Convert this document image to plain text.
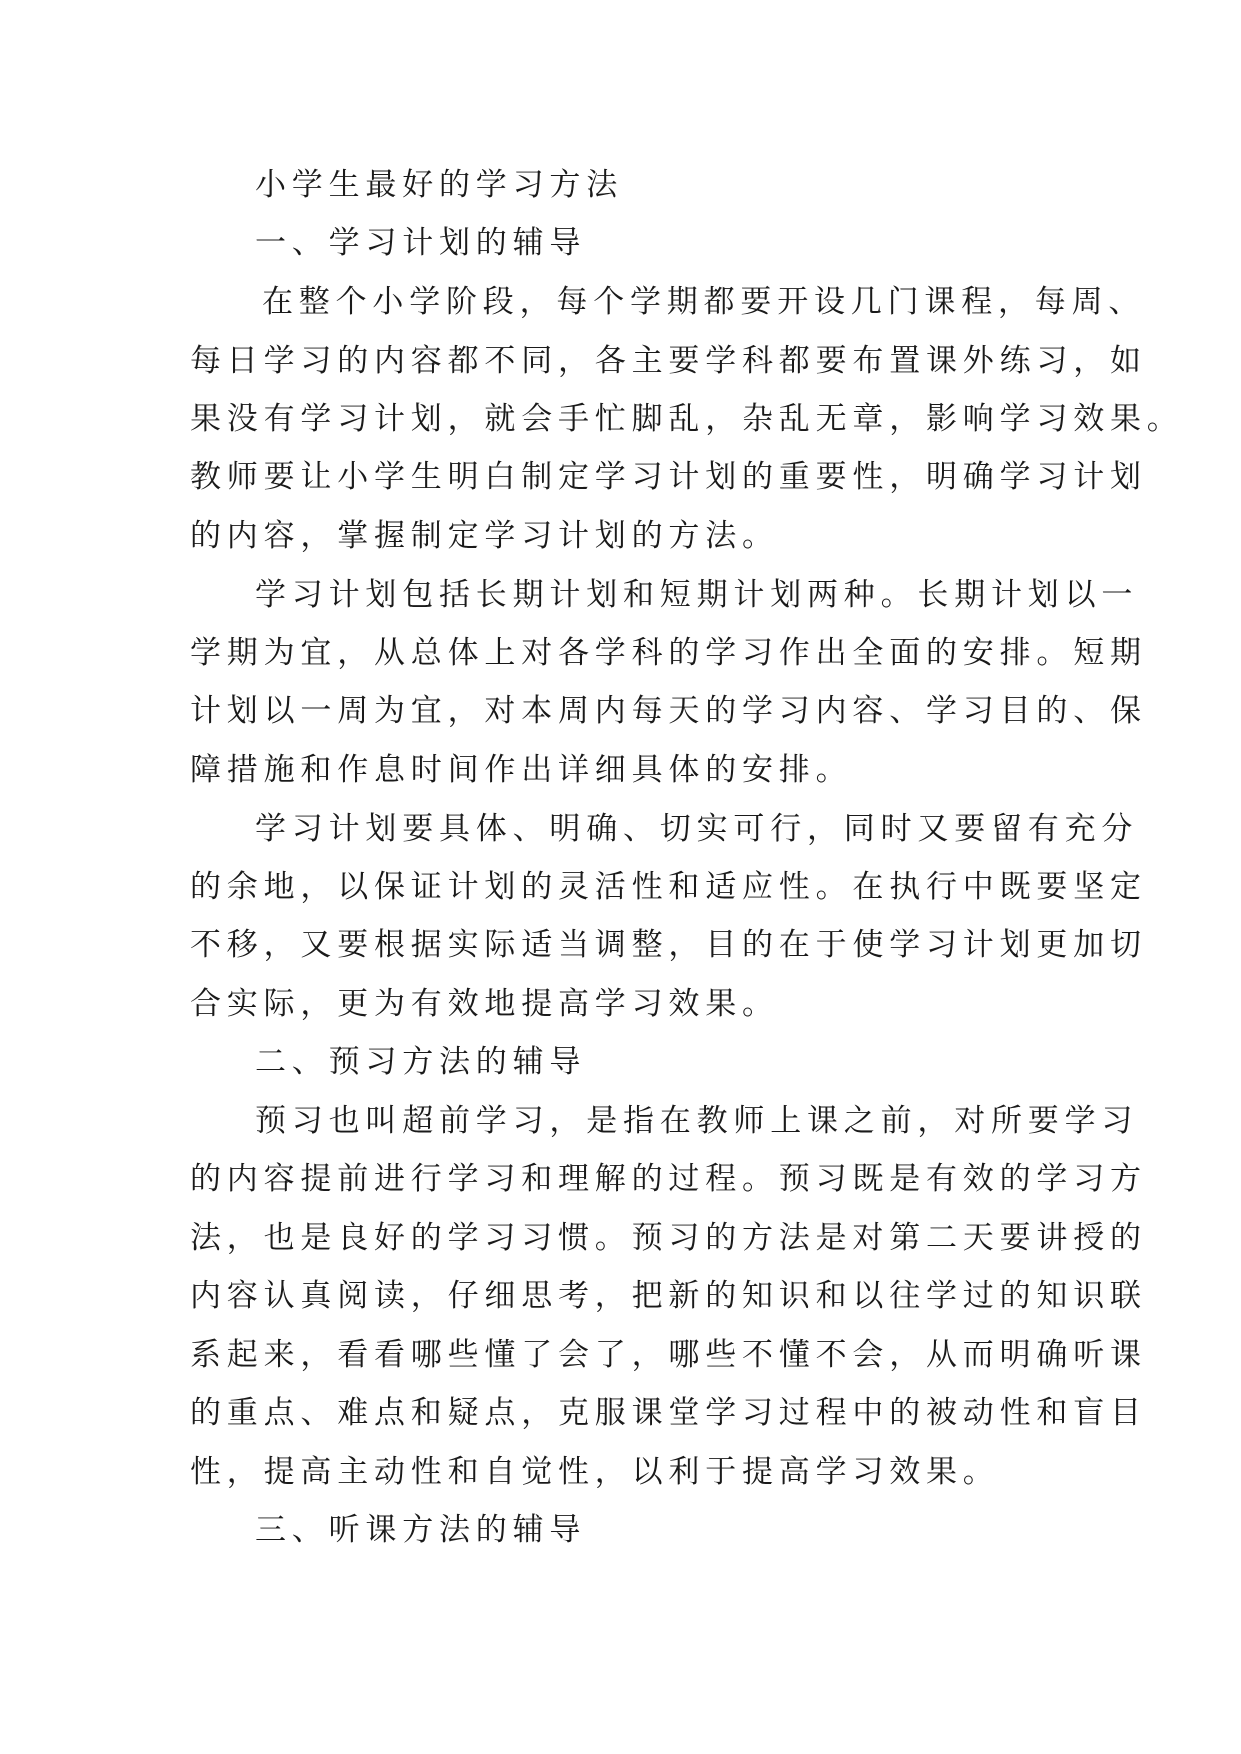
小学生最好的学习方法
一、学习计划的辅导
在整个小学阶段，每个学期都要开设几门课程，每周、
每日学习的内容都不同，各主要学科都要布置课外练习，如
果没有学习计划，就会手忙脚乱，杂乱无章，影响学习效果。
教师要让小学生明白制定学习计划的重要性，明确学习计划
的内容，掌握制定学习计划的方法。
学习计划包括长期计划和短期计划两种。长期计划以一
学期为宜，从总体上对各学科的学习作出全面的安排。短期
计划以一周为宜，对本周内每天的学习内容、学习目的、保
障措施和作息时间作出详细具体的安排。
学习计划要具体、明确、切实可行，同时又要留有充分
的余地，以保证计划的灵活性和适应性。在执行中既要坚定
不移，又要根据实际适当调整，目的在于使学习计划更加切
合实际，更为有效地提高学习效果。
二、预习方法的辅导
预习也叫超前学习，是指在教师上课之前，对所要学习
的内容提前进行学习和理解的过程。预习既是有效的学习方
法，也是良好的学习习惯。预习的方法是对第二天要讲授的
内容认真阅读，仔细思考，把新的知识和以往学过的知识联
系起来，看看哪些懂了会了，哪些不懂不会，从而明确听课
的重点、难点和疑点，克服课堂学习过程中的被动性和盲目
性，提高主动性和自觉性，以利于提高学习效果。
三、听课方法的辅导
